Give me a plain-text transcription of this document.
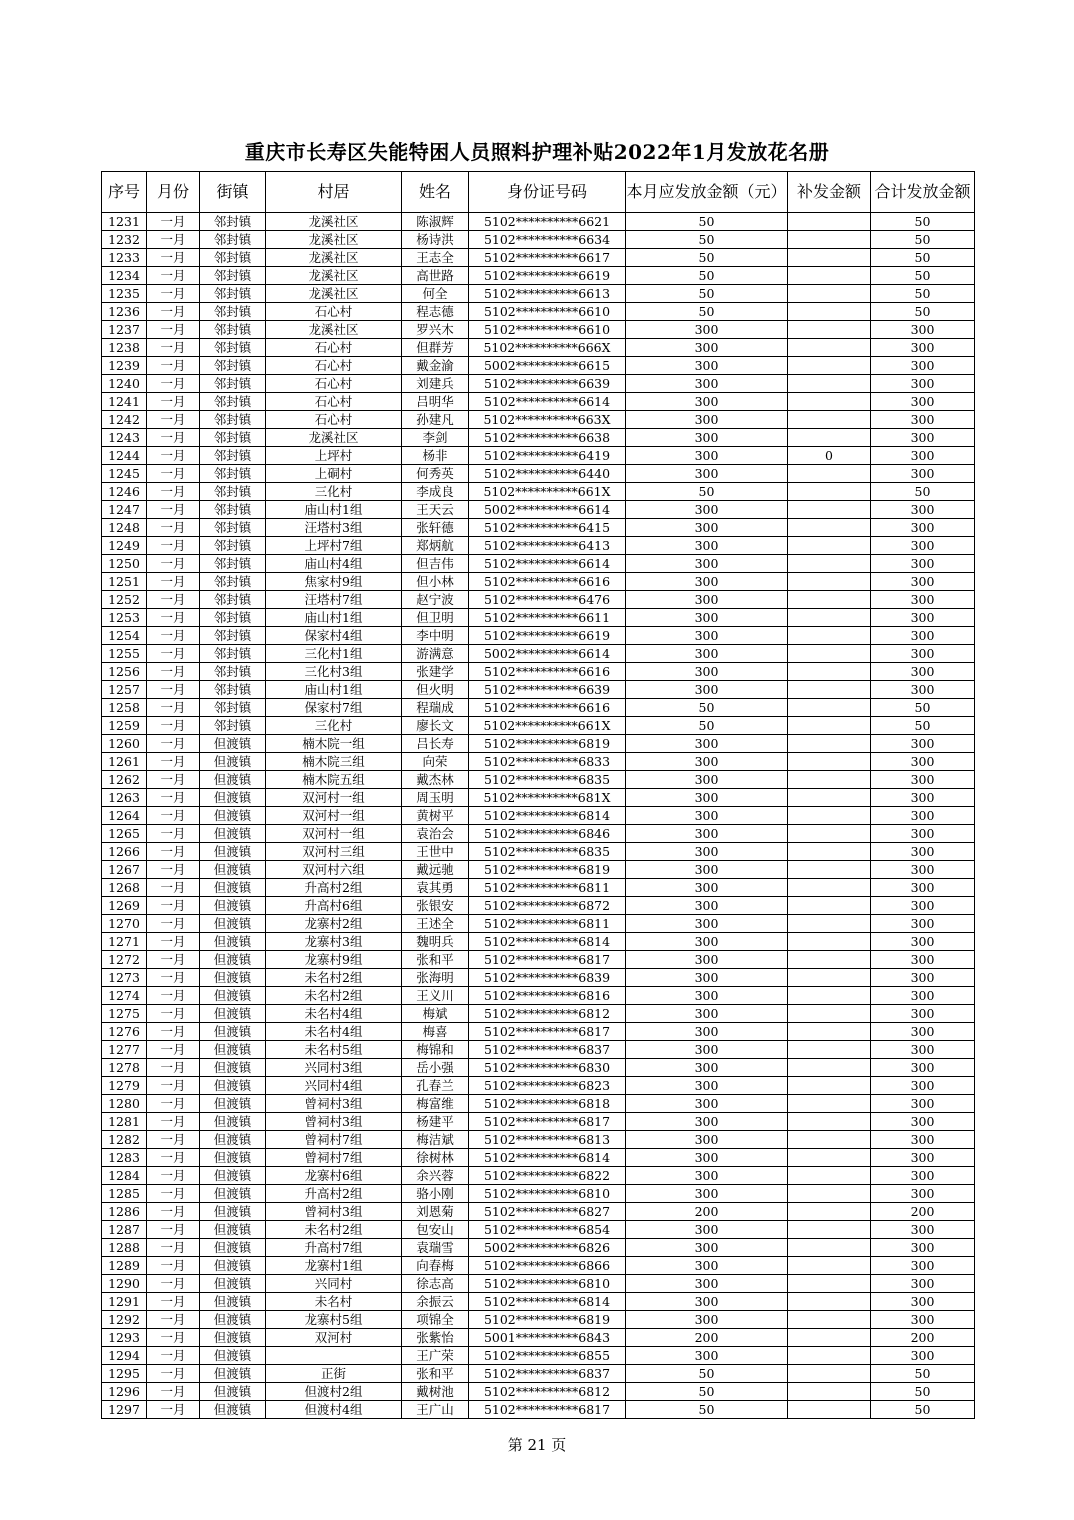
重庆市长寿区失能特困人员照料护理补贴2022年1月发放花名册
序号	月份	街镇	村居	姓名	身份证号码	本月应发放金额（元）	补发金额	合计发放金额
1231	一月	邻封镇	龙溪社区	陈淑辉	5102**********6621	50		50
1232	一月	邻封镇	龙溪社区	杨诗洪	5102**********6634	50		50
1233	一月	邻封镇	龙溪社区	王志全	5102**********6617	50		50
1234	一月	邻封镇	龙溪社区	高世路	5102**********6619	50		50
1235	一月	邻封镇	龙溪社区	何全	5102**********6613	50		50
1236	一月	邻封镇	石心村	程志德	5102**********6610	50		50
1237	一月	邻封镇	龙溪社区	罗兴木	5102**********6610	300		300
1238	一月	邻封镇	石心村	但群芳	5102**********666X	300		300
1239	一月	邻封镇	石心村	戴金渝	5002**********6615	300		300
1240	一月	邻封镇	石心村	刘建兵	5102**********6639	300		300
1241	一月	邻封镇	石心村	吕明华	5102**********6614	300		300
1242	一月	邻封镇	石心村	孙建凡	5102**********663X	300		300
1243	一月	邻封镇	龙溪社区	李剑	5102**********6638	300		300
1244	一月	邻封镇	上坪村	杨非	5102**********6419	300	0	300
1245	一月	邻封镇	上硐村	何秀英	5102**********6440	300		300
1246	一月	邻封镇	三化村	李成良	5102**********661X	50		50
1247	一月	邻封镇	庙山村1组	王天云	5002**********6614	300		300
1248	一月	邻封镇	汪塔村3组	张轩德	5102**********6415	300		300
1249	一月	邻封镇	上坪村7组	郑炳航	5102**********6413	300		300
1250	一月	邻封镇	庙山村4组	但吉伟	5102**********6614	300		300
1251	一月	邻封镇	焦家村9组	但小林	5102**********6616	300		300
1252	一月	邻封镇	汪塔村7组	赵宁波	5102**********6476	300		300
1253	一月	邻封镇	庙山村1组	但卫明	5102**********6611	300		300
1254	一月	邻封镇	保家村4组	李中明	5102**********6619	300		300
1255	一月	邻封镇	三化村1组	游满意	5002**********6614	300		300
1256	一月	邻封镇	三化村3组	张建学	5102**********6616	300		300
1257	一月	邻封镇	庙山村1组	但火明	5102**********6639	300		300
1258	一月	邻封镇	保家村7组	程瑞成	5102**********6616	50		50
1259	一月	邻封镇	三化村	廖长文	5102**********661X	50		50
1260	一月	但渡镇	楠木院一组	吕长寿	5102**********6819	300		300
1261	一月	但渡镇	楠木院三组	向荣	5102**********6833	300		300
1262	一月	但渡镇	楠木院五组	戴杰林	5102**********6835	300		300
1263	一月	但渡镇	双河村一组	周玉明	5102**********681X	300		300
1264	一月	但渡镇	双河村一组	黄树平	5102**********6814	300		300
1265	一月	但渡镇	双河村一组	袁治会	5102**********6846	300		300
1266	一月	但渡镇	双河村三组	王世中	5102**********6835	300		300
1267	一月	但渡镇	双河村六组	戴远驰	5102**********6819	300		300
1268	一月	但渡镇	升高村2组	袁其勇	5102**********6811	300		300
1269	一月	但渡镇	升高村6组	张银安	5102**********6872	300		300
1270	一月	但渡镇	龙寨村2组	王述全	5102**********6811	300		300
1271	一月	但渡镇	龙寨村3组	魏明兵	5102**********6814	300		300
1272	一月	但渡镇	龙寨村9组	张和平	5102**********6817	300		300
1273	一月	但渡镇	未名村2组	张海明	5102**********6839	300		300
1274	一月	但渡镇	未名村2组	王义川	5102**********6816	300		300
1275	一月	但渡镇	未名村4组	梅斌	5102**********6812	300		300
1276	一月	但渡镇	未名村4组	梅喜	5102**********6817	300		300
1277	一月	但渡镇	未名村5组	梅锦和	5102**********6837	300		300
1278	一月	但渡镇	兴同村3组	岳小强	5102**********6830	300		300
1279	一月	但渡镇	兴同村4组	孔春兰	5102**********6823	300		300
1280	一月	但渡镇	曾祠村3组	梅富维	5102**********6818	300		300
1281	一月	但渡镇	曾祠村3组	杨建平	5102**********6817	300		300
1282	一月	但渡镇	曾祠村7组	梅洁斌	5102**********6813	300		300
1283	一月	但渡镇	曾祠村7组	徐树林	5102**********6814	300		300
1284	一月	但渡镇	龙寨村6组	余兴蓉	5102**********6822	300		300
1285	一月	但渡镇	升高村2组	骆小刚	5102**********6810	300		300
1286	一月	但渡镇	曾祠村3组	刘恩菊	5102**********6827	200		200
1287	一月	但渡镇	未名村2组	包安山	5102**********6854	300		300
1288	一月	但渡镇	升高村7组	袁瑞雪	5002**********6826	300		300
1289	一月	但渡镇	龙寨村1组	向春梅	5102**********6866	300		300
1290	一月	但渡镇	兴同村	徐志高	5102**********6810	300		300
1291	一月	但渡镇	未名村	余振云	5102**********6814	300		300
1292	一月	但渡镇	龙寨村5组	项锦全	5102**********6819	300		300
1293	一月	但渡镇	双河村	张紫怡	5001**********6843	200		200
1294	一月	但渡镇		王广荣	5102**********6855	300		300
1295	一月	但渡镇	正街	张和平	5102**********6837	50		50
1296	一月	但渡镇	但渡村2组	戴树池	5102**********6812	50		50
1297	一月	但渡镇	但渡村4组	王广山	5102**********6817	50		50
第 21 页
